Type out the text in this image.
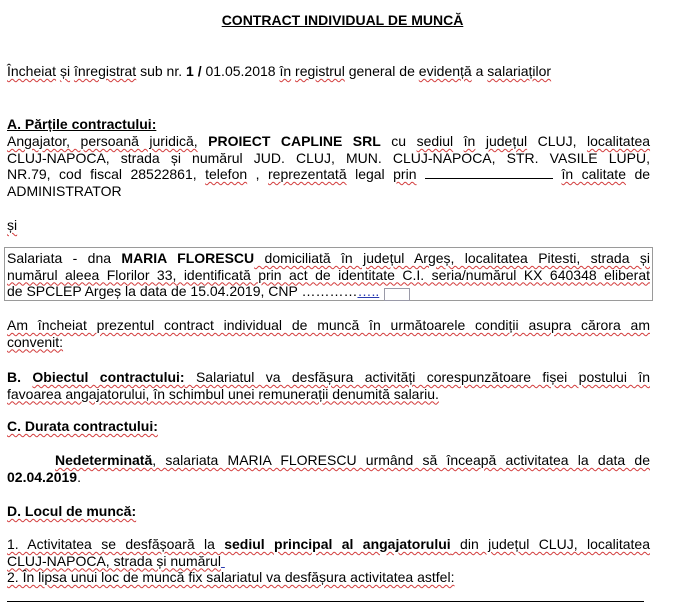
CONTRACT INDIVIDUAL DE MUNCĂ
Încheiat și înregistrat sub nr. 1 / 01.05.2018 în registrul general de evidență a salariaților
A. Părțile contractului:
Angajator, persoană juridică, PROIECT CAPLINE SRL cu sediul în județul CLUJ, localitatea
CLUJ-NAPOCA, strada și numărul JUD. CLUJ, MUN. CLUJ-NAPOCA, STR. VASILE LUPU,
NR.79, cod fiscal 28522861, telefon , reprezentată legal prin	în calitate de
ADMINISTRATOR
și
Salariata - dna MARIA FLORESCU domiciliată în județul Argeș, localitatea Pitesti, strada și
numărul aleea Florilor 33, identificată prin act de identitate C.I. seria/numărul KX 640348 eliberat
de SPCLEP Argeș la data de 15.04.2019, CNP ……………..
Am încheiat prezentul contract individual de muncă în următoarele condiții asupra cărora am
convenit:
B. Obiectul contractului: Salariatul va desfășura activități corespunzătoare fișei postului în
favoarea angajatorului, în schimbul unei remunerații denumită salariu.
C. Durata contractului:
Nedeterminată, salariata MARIA FLORESCU urmând să înceapă activitatea la data de
02.04.2019.
D. Locul de muncă:
1. Activitatea se desfășoară la sediul principal al angajatorului din județul CLUJ, localitatea
CLUJ-NAPOCA, strada și numărul​
2. În lipsa unui loc de muncă fix salariatul va desfășura activitatea astfel:
